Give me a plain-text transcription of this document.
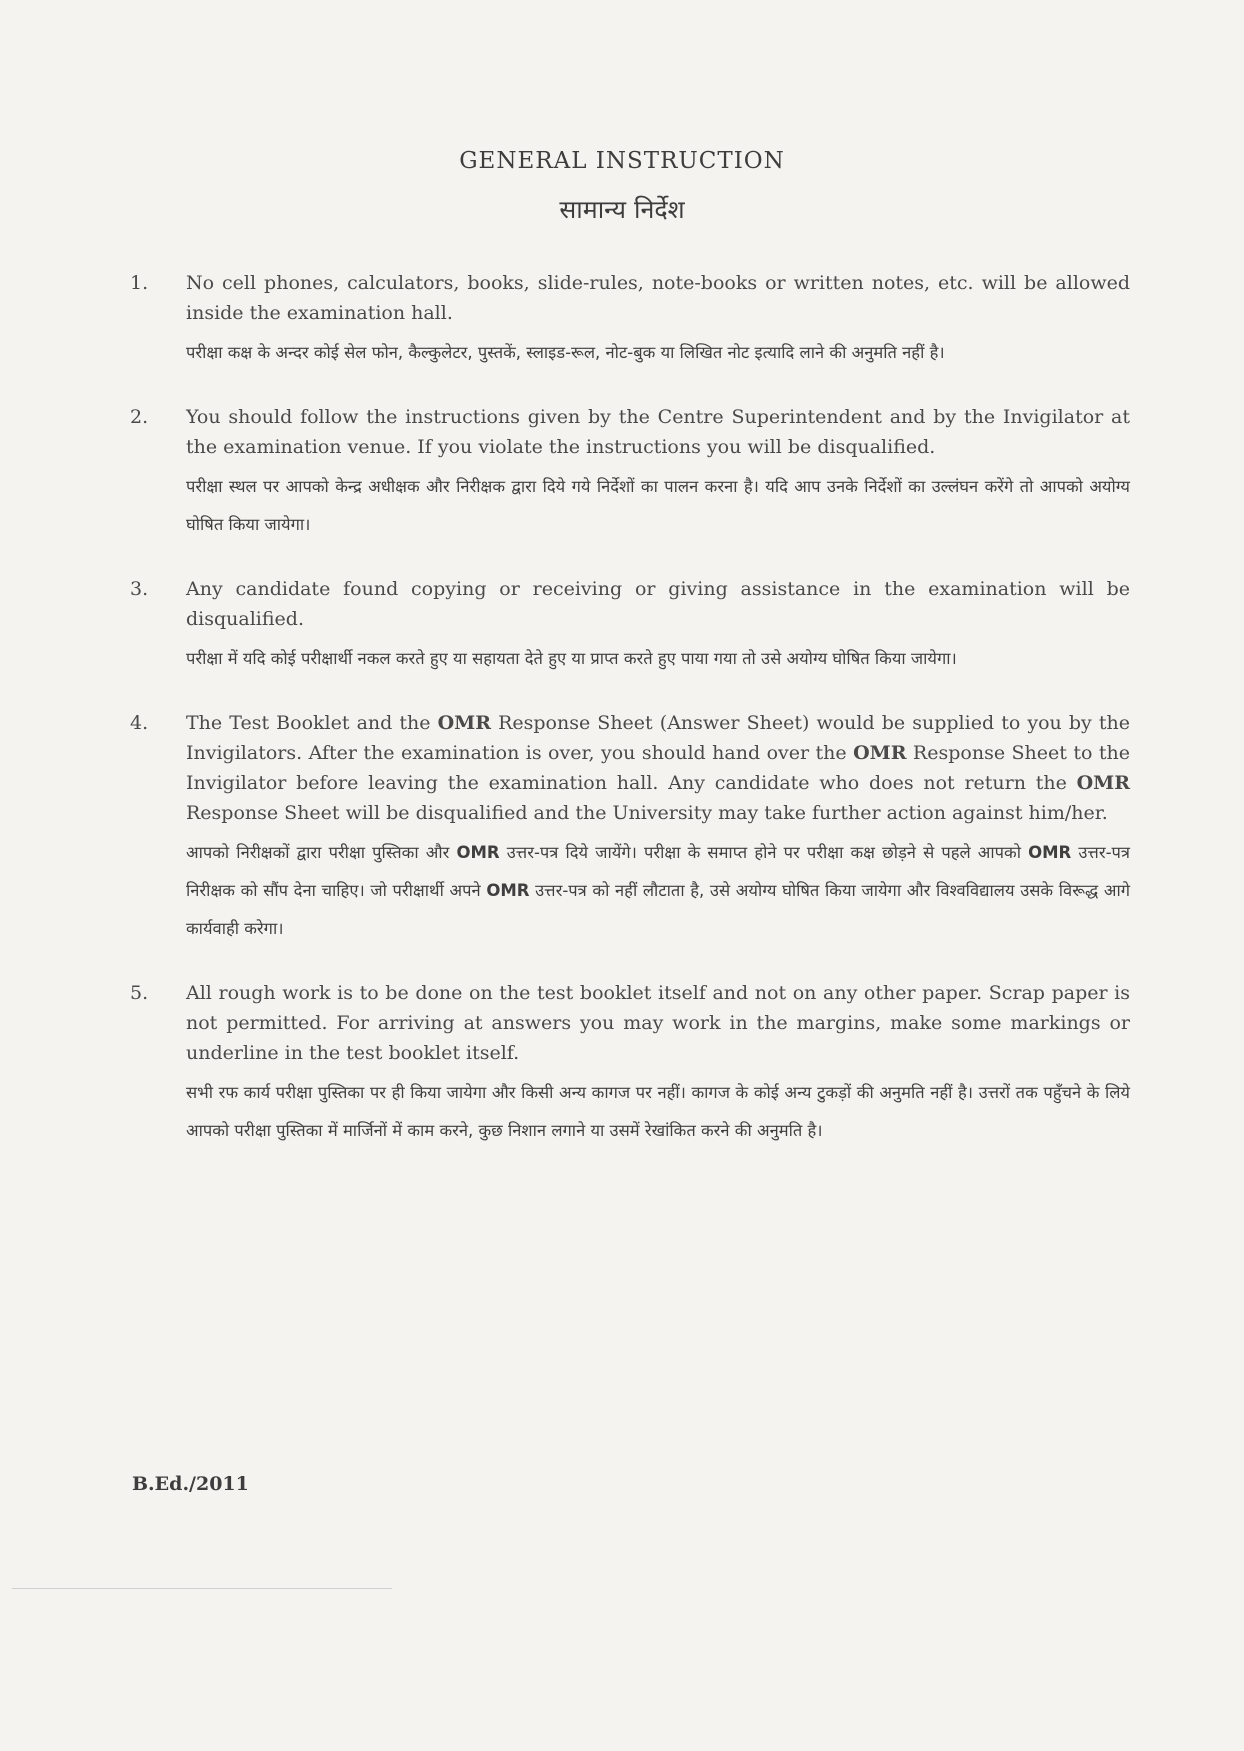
GENERAL INSTRUCTION
सामान्य निर्देश
1. No cell phones, calculators, books, slide-rules, note-books or written notes, etc. will be allowed inside the examination hall.

परीक्षा कक्ष के अन्दर कोई सेल फोन, कैल्कुलेटर, पुस्तकें, स्लाइड-रूल, नोट-बुक या लिखित नोट इत्यादि लाने की अनुमति नहीं है।

2. You should follow the instructions given by the Centre Superintendent and by the Invigilator at the examination venue. If you violate the instructions you will be disqualified.

परीक्षा स्थल पर आपको केन्द्र अधीक्षक और निरीक्षक द्वारा दिये गये निर्देशों का पालन करना है। यदि आप उनके निर्देशों का उल्लंघन करेंगे तो आपको अयोग्य घोषित किया जायेगा।

3. Any candidate found copying or receiving or giving assistance in the examination will be disqualified.

परीक्षा में यदि कोई परीक्षार्थी नकल करते हुए या सहायता देते हुए या प्राप्त करते हुए पाया गया तो उसे अयोग्य घोषित किया जायेगा।

4. The Test Booklet and the OMR Response Sheet (Answer Sheet) would be supplied to you by the Invigilators. After the examination is over, you should hand over the OMR Response Sheet to the Invigilator before leaving the examination hall. Any candidate who does not return the OMR Response Sheet will be disqualified and the University may take further action against him/her.

आपको निरीक्षकों द्वारा परीक्षा पुस्तिका और OMR उत्तर-पत्र दिये जायेंगे। परीक्षा के समाप्त होने पर परीक्षा कक्ष छोड़ने से पहले आपको OMR उत्तर-पत्र निरीक्षक को सौंप देना चाहिए। जो परीक्षार्थी अपने OMR उत्तर-पत्र को नहीं लौटाता है, उसे अयोग्य घोषित किया जायेगा और विश्वविद्यालय उसके विरूद्ध आगे कार्यवाही करेगा।

5. All rough work is to be done on the test booklet itself and not on any other paper. Scrap paper is not permitted. For arriving at answers you may work in the margins, make some markings or underline in the test booklet itself.

सभी रफ कार्य परीक्षा पुस्तिका पर ही किया जायेगा और किसी अन्य कागज पर नहीं। कागज के कोई अन्य टुकड़ों की अनुमति नहीं है। उत्तरों तक पहुँचने के लिये आपको परीक्षा पुस्तिका में मार्जिनों में काम करने, कुछ निशान लगाने या उसमें रेखांकित करने की अनुमति है।

B.Ed./2011
